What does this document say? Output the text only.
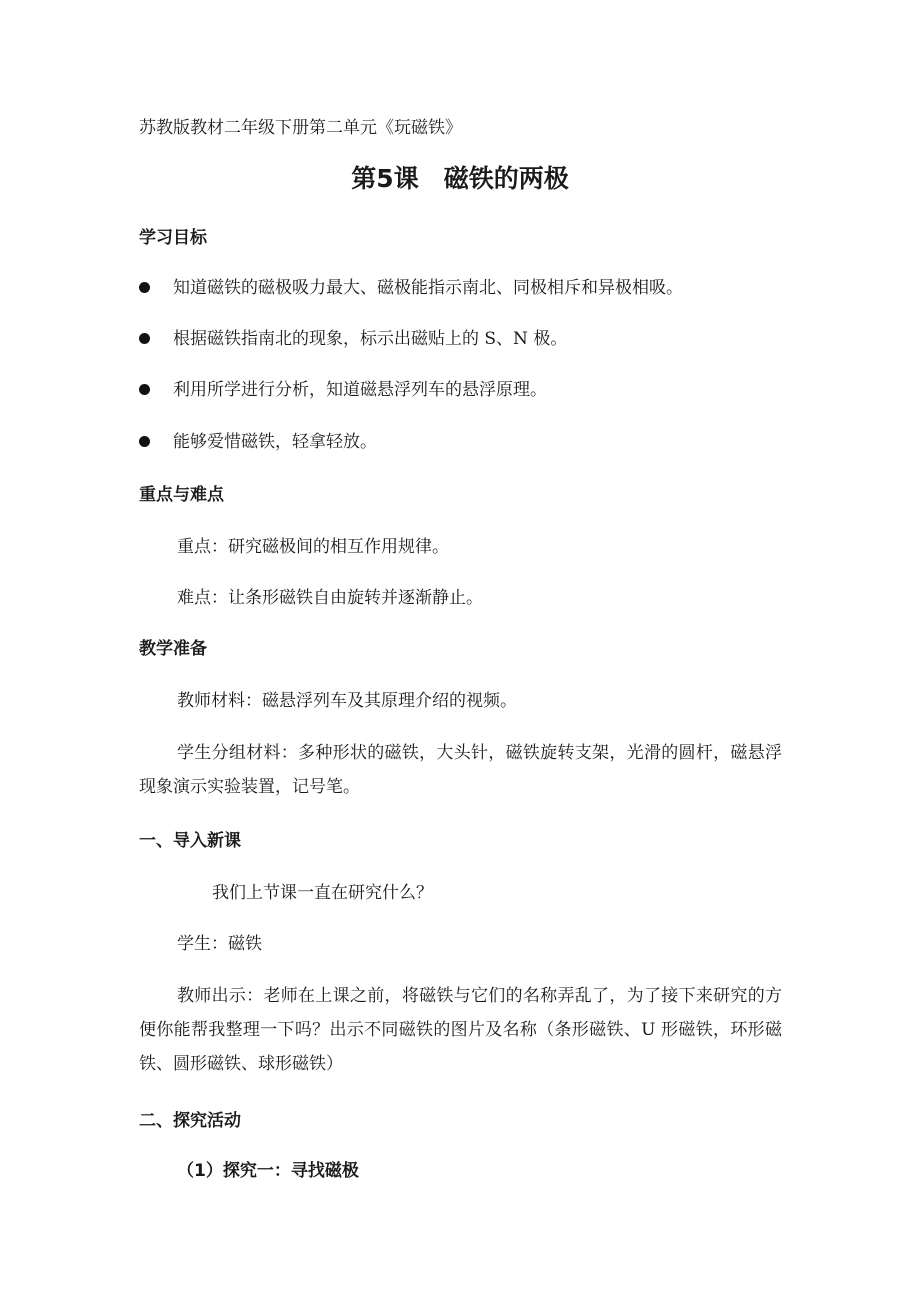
苏教版教材二年级下册第二单元《玩磁铁》
第5课　磁铁的两极
学习目标
知道磁铁的磁极吸力最大、磁极能指示南北、同极相斥和异极相吸。
根据磁铁指南北的现象，标示出磁贴上的 S、N 极。
利用所学进行分析，知道磁悬浮列车的悬浮原理。
能够爱惜磁铁，轻拿轻放。
重点与难点
重点：研究磁极间的相互作用规律。
难点：让条形磁铁自由旋转并逐渐静止。
教学准备
教师材料：磁悬浮列车及其原理介绍的视频。
学生分组材料：多种形状的磁铁，大头针，磁铁旋转支架，光滑的圆杆，磁悬浮现象演示实验装置，记号笔。
一、导入新课
我们上节课一直在研究什么？
学生：磁铁
教师出示：老师在上课之前，将磁铁与它们的名称弄乱了，为了接下来研究的方便你能帮我整理一下吗？出示不同磁铁的图片及名称（条形磁铁、U 形磁铁，环形磁铁、圆形磁铁、球形磁铁）
二、探究活动
（1）探究一：寻找磁极
